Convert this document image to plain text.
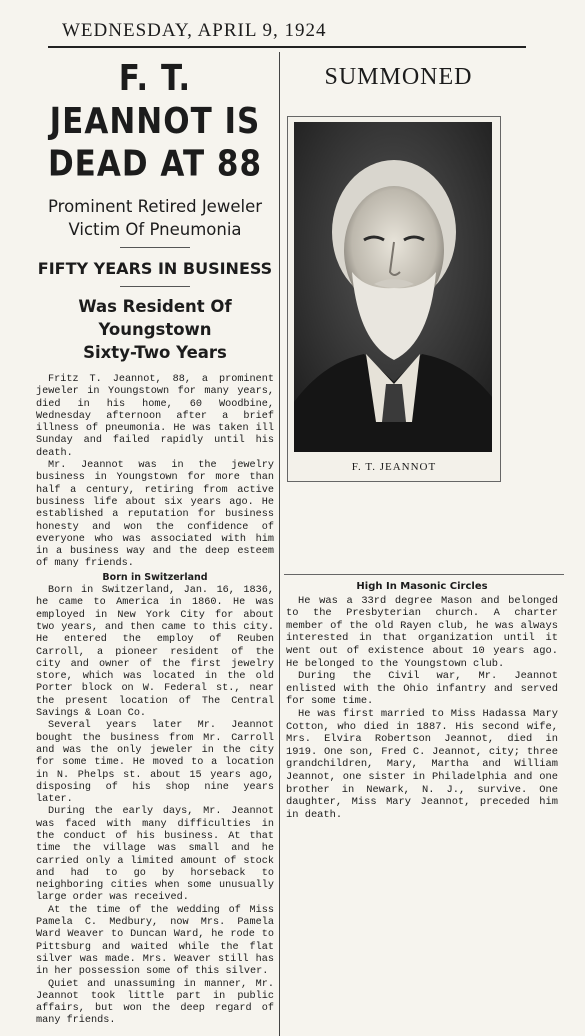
WEDNESDAY, APRIL 9, 1924
F. T. JEANNOT IS
DEAD AT 88
Prominent Retired Jeweler
Victim Of Pneumonia
FIFTY YEARS IN BUSINESS
Was Resident Of Youngstown
Sixty-Two Years

Fritz T. Jeannot, 88, a prominent jeweler in Youngstown for many years, died in his home, 60 Woodbine, Wednesday afternoon after a brief illness of pneumonia. He was taken ill Sunday and failed rapidly until his death.

Mr. Jeannot was in the jewelry business in Youngstown for more than half a century, retiring from active business life about six years ago. He established a reputation for business honesty and won the confidence of everyone who was associated with him in a business way and the deep esteem of many friends.

Born in Switzerland

Born in Switzerland, Jan. 16, 1836, he came to America in 1860. He was employed in New York City for about two years, and then came to this city. He entered the employ of Reuben Carroll, a pioneer resident of the city and owner of the first jewelry store, which was located in the old Porter block on W. Federal st., near the present location of The Central Savings & Loan Co.

Several years later Mr. Jeannot bought the business from Mr. Carroll and was the only jeweler in the city for some time. He moved to a location in N. Phelps st. about 15 years ago, disposing of his shop nine years later.

During the early days, Mr. Jeannot was faced with many difficulties in the conduct of his business. At that time the village was small and he carried only a limited amount of stock and had to go by horseback to neighboring cities when some unusually large order was received.

At the time of the wedding of Miss Pamela C. Medbury, now Mrs. Pamela Ward Weaver to Duncan Ward, he rode to Pittsburg and waited while the flat silver was made. Mrs. Weaver still has in her possession some of this silver.

Quiet and unassuming in manner, Mr. Jeannot took little part in public affairs, but won the deep regard of many friends.

SUMMONED
F. T. JEANNOT
High In Masonic Circles

He was a 33rd degree Mason and belonged to the Presbyterian church. A charter member of the old Rayen club, he was always interested in that organization until it went out of existence about 10 years ago. He belonged to the Youngstown club.

During the Civil war, Mr. Jeannot enlisted with the Ohio infantry and served for some time.

He was first married to Miss Hadassa Mary Cotton, who died in 1887. His second wife, Mrs. Elvira Robertson Jeannot, died in 1919. One son, Fred C. Jeannot, city; three grandchildren, Mary, Martha and William Jeannot, one sister in Philadelphia and one brother in Newark, N. J., survive. One daughter, Miss Mary Jeannot, preceded him in death.
